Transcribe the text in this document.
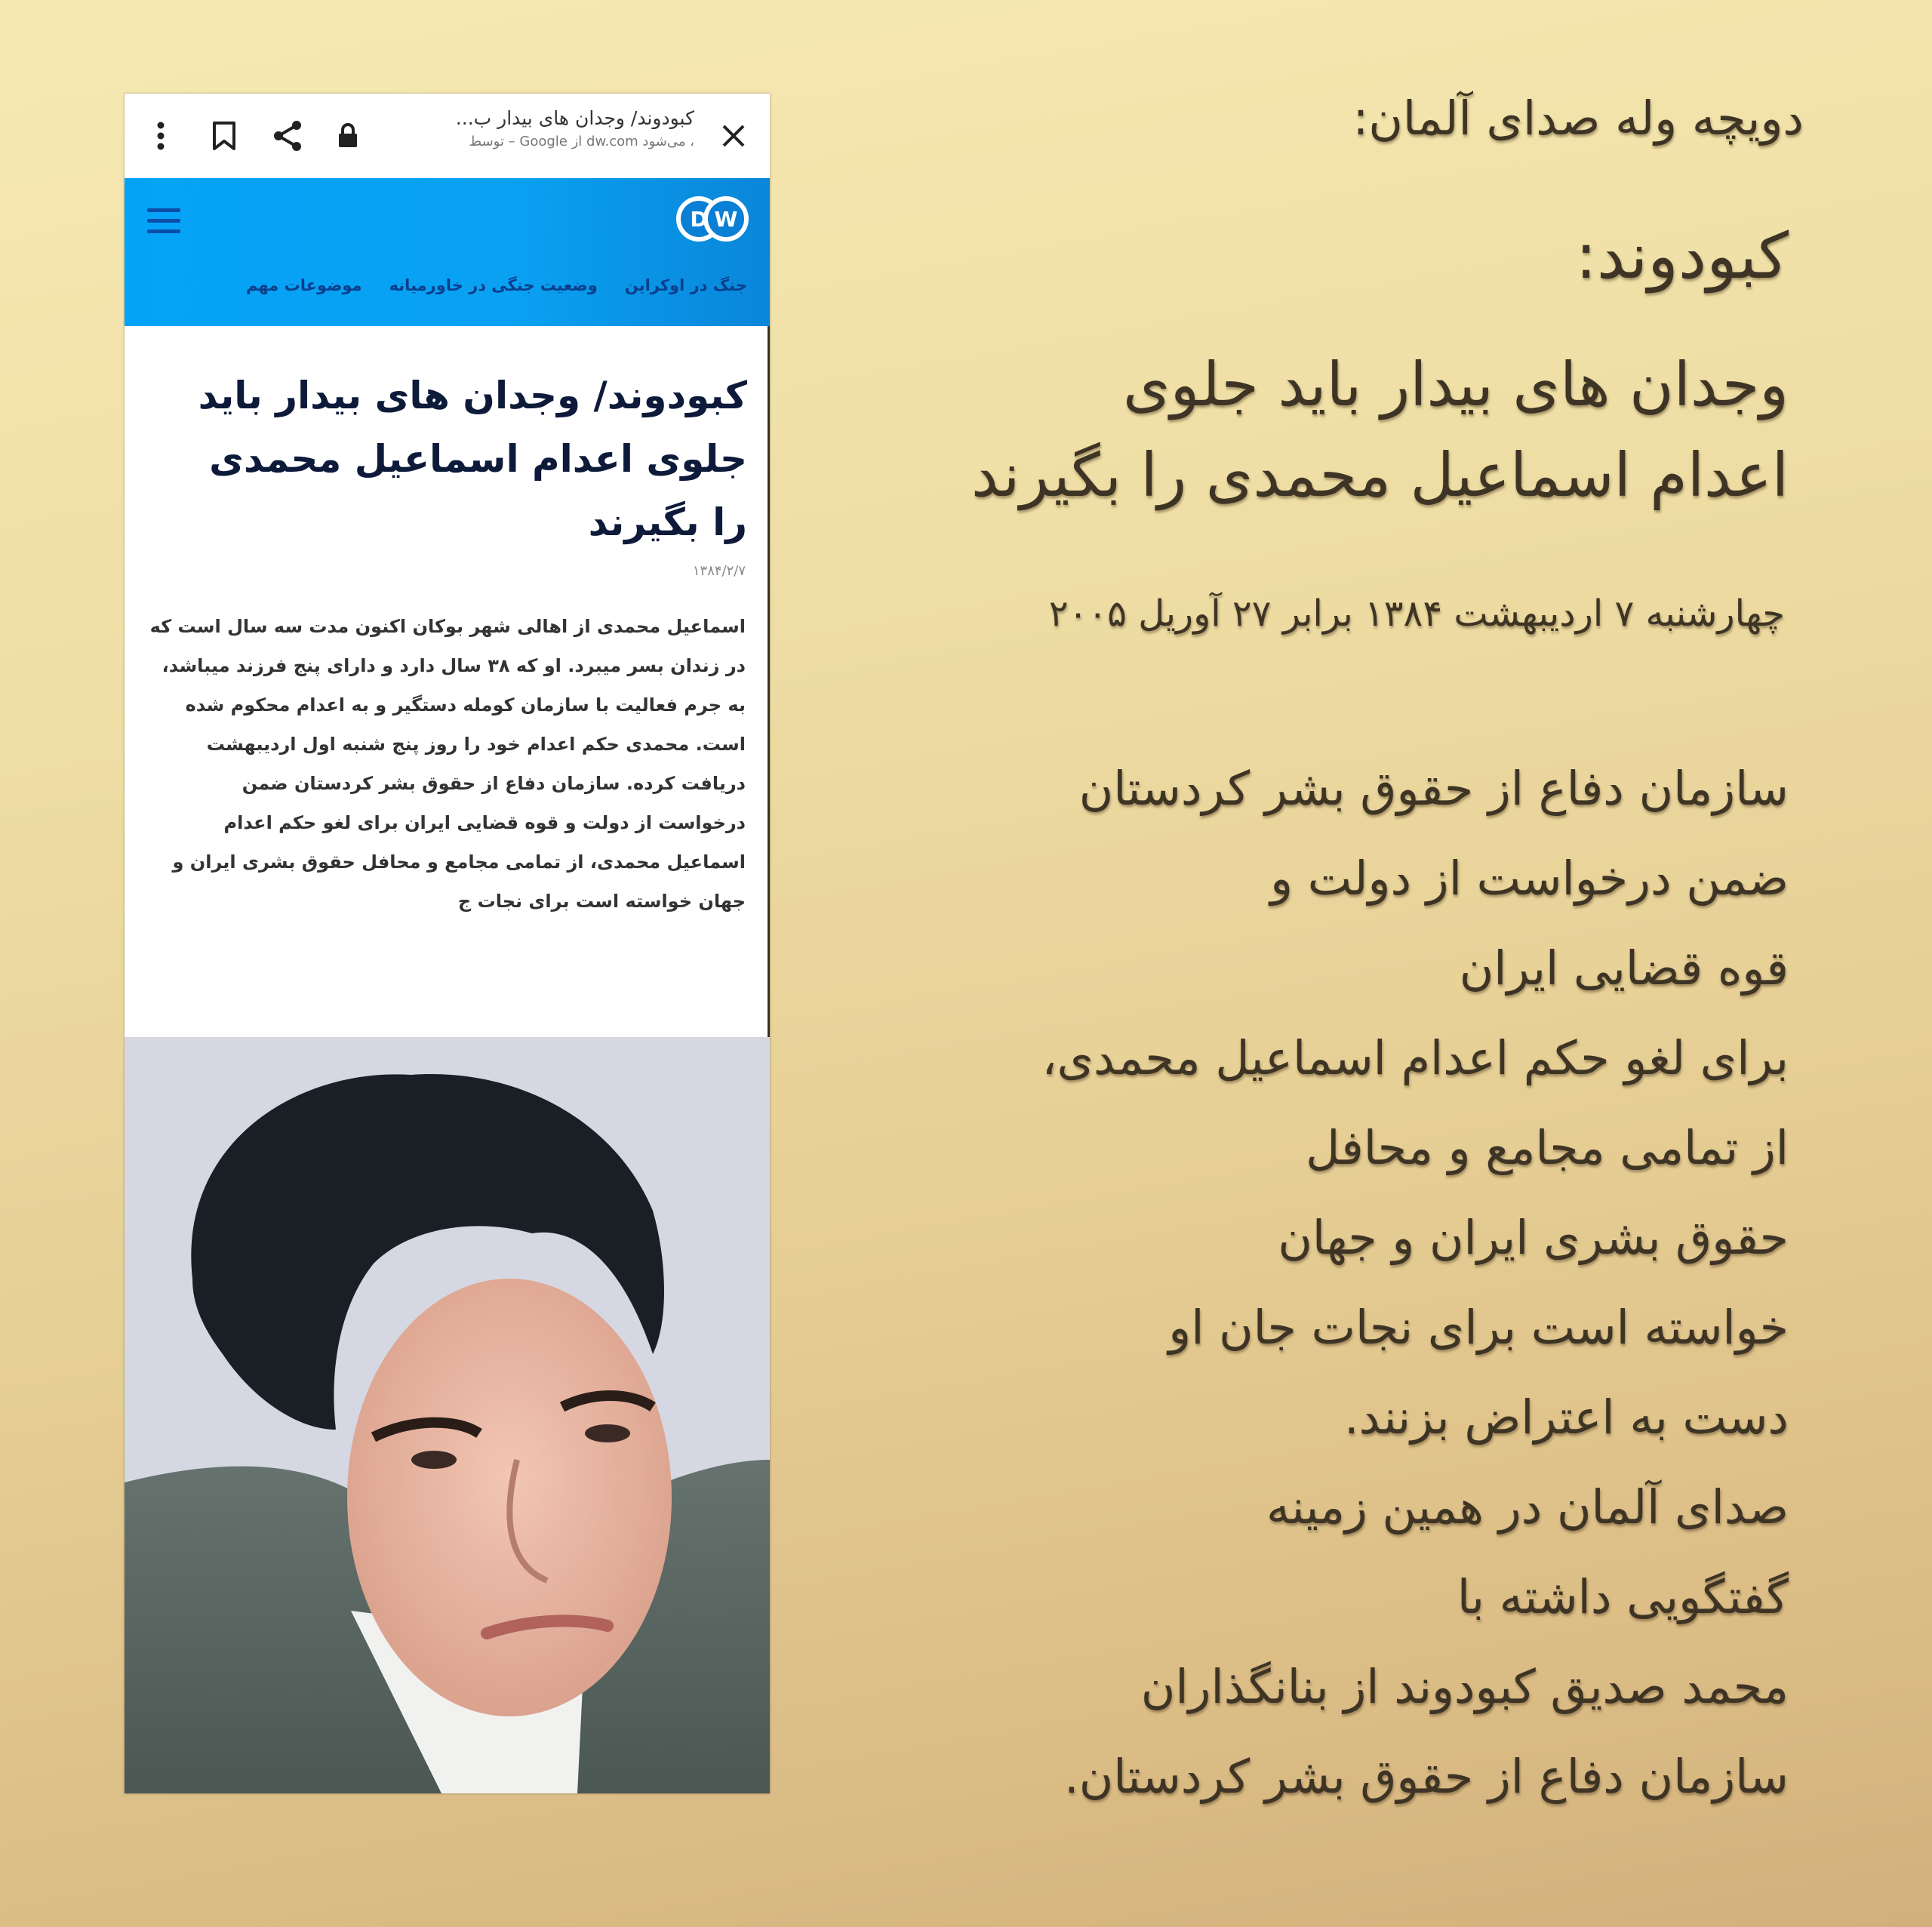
کبودوند/ وجدان های بیدار ب...
، می‌شود dw.com از Google – توسط
D W
موضوعات مهم وضعیت جنگی در خاورمیانه جنگ در اوکراین
کبودوند/ وجدان های بیدار باید جلوی اعدام اسماعیل محمدی را بگیرند
۱۳۸۴/۲/۷
اسماعیل محمدی از اهالی شهر بوکان اکنون مدت سه سال است که در زندان بسر میبرد. او که ۳۸ سال دارد و دارای پنج فرزند میباشد، به جرم فعالیت با سازمان کومله دستگیر و به اعدام محکوم شده است. محمدی حکم اعدام خود را روز پنج شنبه اول اردیبهشت دریافت کرده. سازمان دفاع از حقوق بشر کردستان ضمن درخواست از دولت و قوه قضایی ایران برای لغو حکم اعدام اسماعیل محمدی، از تمامی مجامع و محافل حقوق بشری ایران و جهان خواسته است برای نجات ج
دویچه وله صدای آلمان:
کبودوند:
وجدان های بیدار باید جلوی
اعدام اسماعیل محمدی را بگیرند
چهارشنبه ۷ اردیبهشت ۱۳۸۴ برابر ۲۷ آوریل ۲۰۰۵
سازمان دفاع از حقوق بشر کردستان
ضمن درخواست از دولت و
قوه قضایی ایران
برای لغو حکم اعدام اسماعیل محمدی،
از تمامی مجامع و محافل
حقوق بشری ایران و جهان
خواسته است برای نجات جان او
دست به اعتراض بزنند.
صدای آلمان در همین زمینه
گفتگویی داشته با
محمد صدیق کبودوند از بنانگذاران
سازمان دفاع از حقوق بشر کردستان.
